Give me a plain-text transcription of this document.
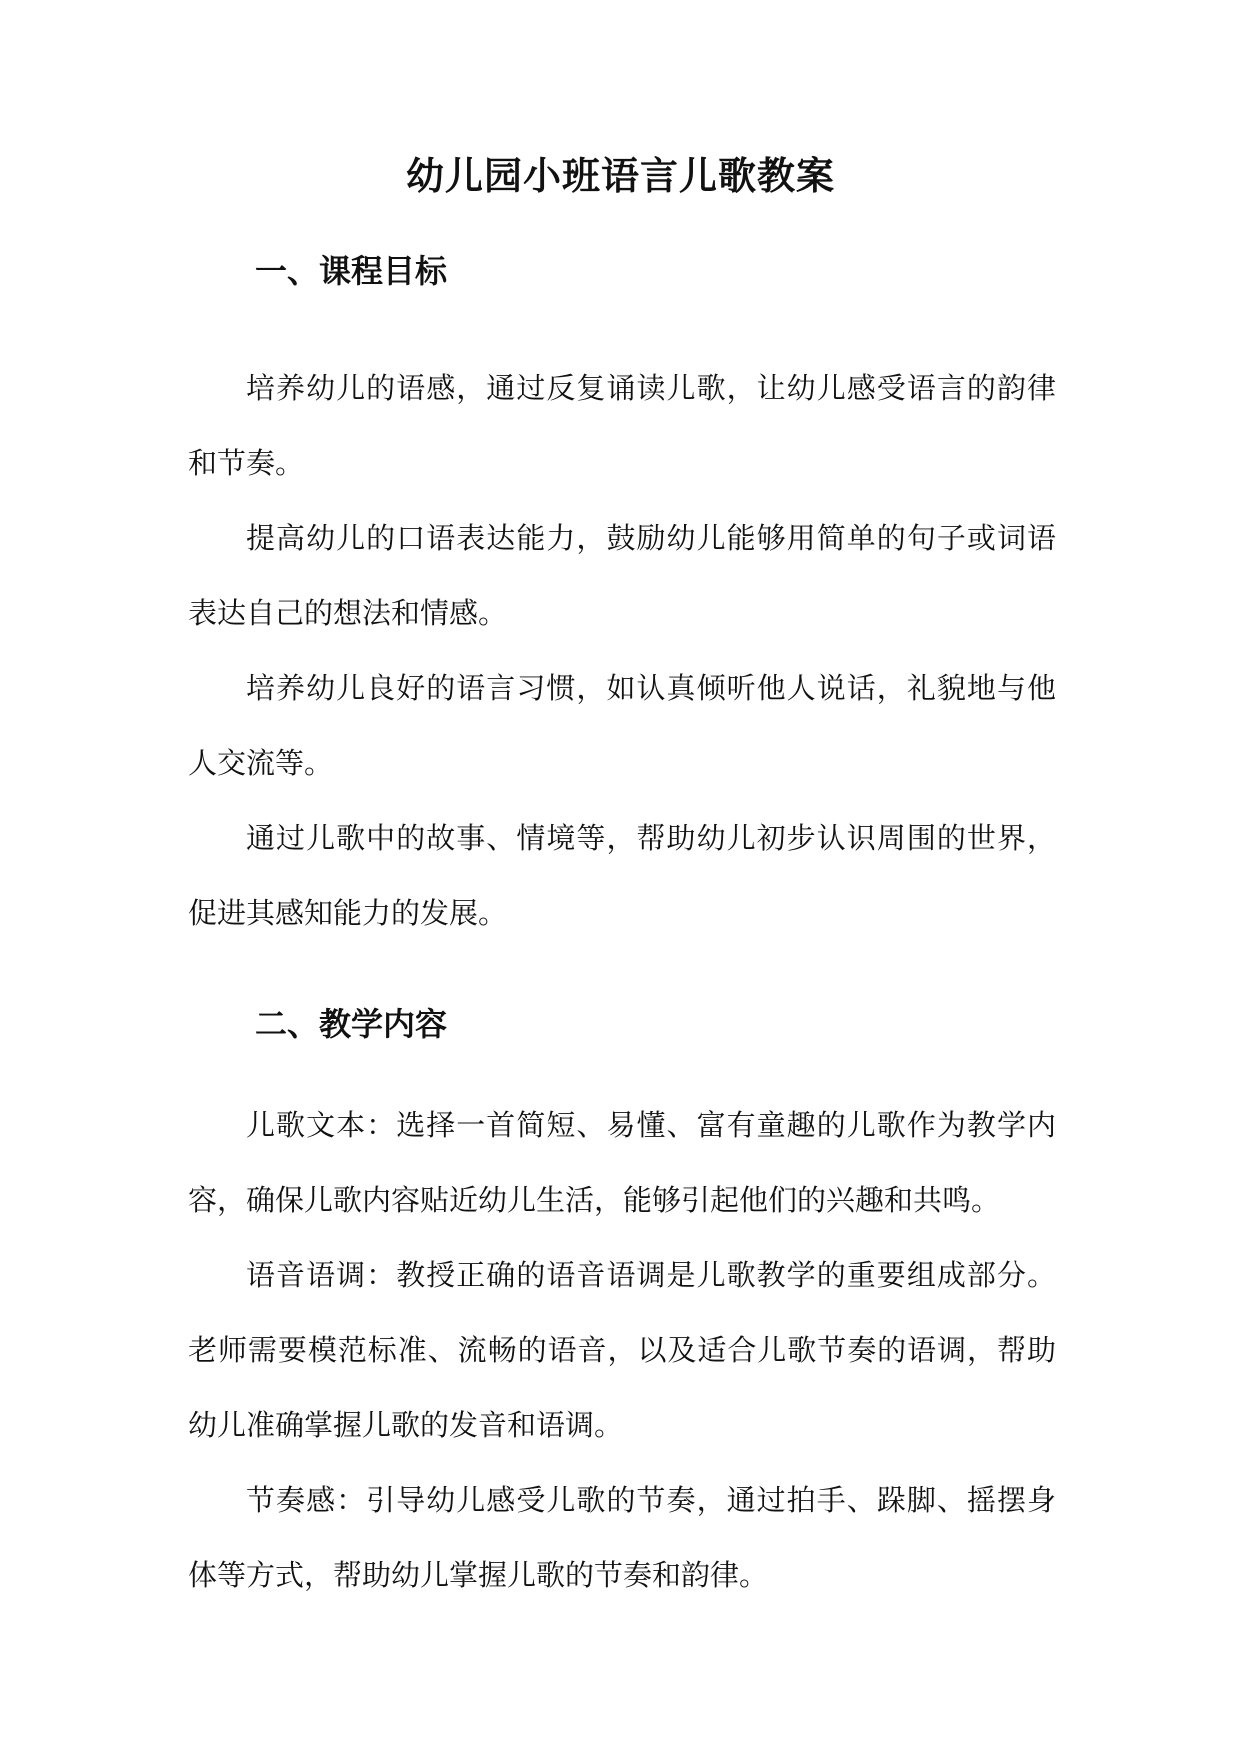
幼儿园小班语言儿歌教案
一、课程目标
培养幼儿的语感，通过反复诵读儿歌，让幼儿感受语言的韵律和节奏。
提高幼儿的口语表达能力，鼓励幼儿能够用简单的句子或词语表达自己的想法和情感。
培养幼儿良好的语言习惯，如认真倾听他人说话，礼貌地与他人交流等。
通过儿歌中的故事、情境等，帮助幼儿初步认识周围的世界，促进其感知能力的发展。
二、教学内容
儿歌文本：选择一首简短、易懂、富有童趣的儿歌作为教学内容，确保儿歌内容贴近幼儿生活，能够引起他们的兴趣和共鸣。
语音语调：教授正确的语音语调是儿歌教学的重要组成部分。老师需要模范标准、流畅的语音，以及适合儿歌节奏的语调，帮助幼儿准确掌握儿歌的发音和语调。
节奏感：引导幼儿感受儿歌的节奏，通过拍手、跺脚、摇摆身体等方式，帮助幼儿掌握儿歌的节奏和韵律。
